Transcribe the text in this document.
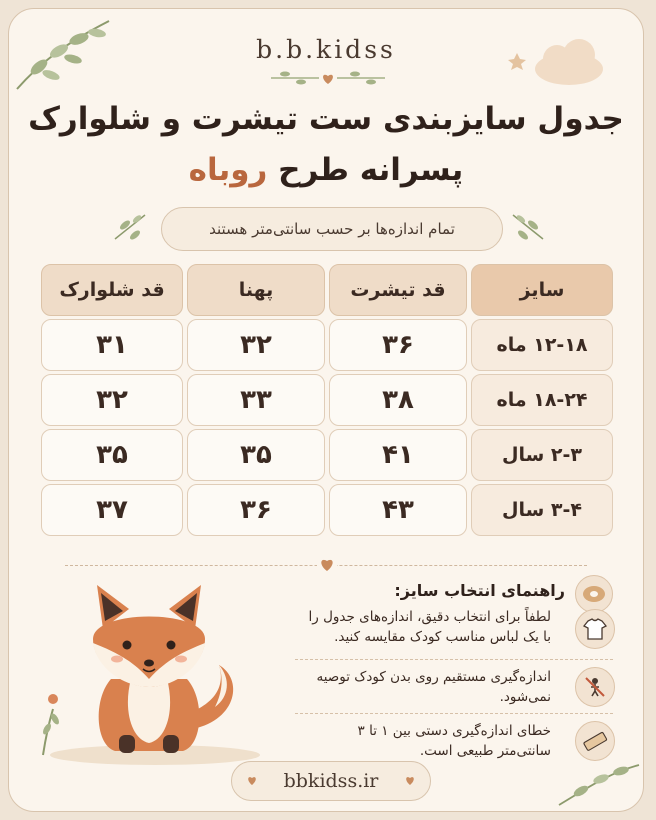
b.b.kidss
جدول سایزبندی ست تیشرت و شلوارک
پسرانه طرح روباه
تمام اندازه‌ها بر حسب سانتی‌متر هستند
سایز
قد تیشرت
پهنا
قد شلوارک
۱۲-۱۸ ماه
۳۶
۳۲
۳۱
۱۸-۲۴ ماه
۳۸
۳۳
۳۲
۲-۳ سال
۴۱
۳۵
۳۵
۳-۴ سال
۴۳
۳۶
۳۷
راهنمای انتخاب سایز:
لطفاً برای انتخاب دقیق، اندازه‌های جدول را با یک لباس مناسب کودک مقایسه کنید.
اندازه‌گیری مستقیم روی بدن کودک توصیه نمی‌شود.
خطای اندازه‌گیری دستی بین ۱ تا ۳ سانتی‌متر طبیعی است.
bbkidss.ir
